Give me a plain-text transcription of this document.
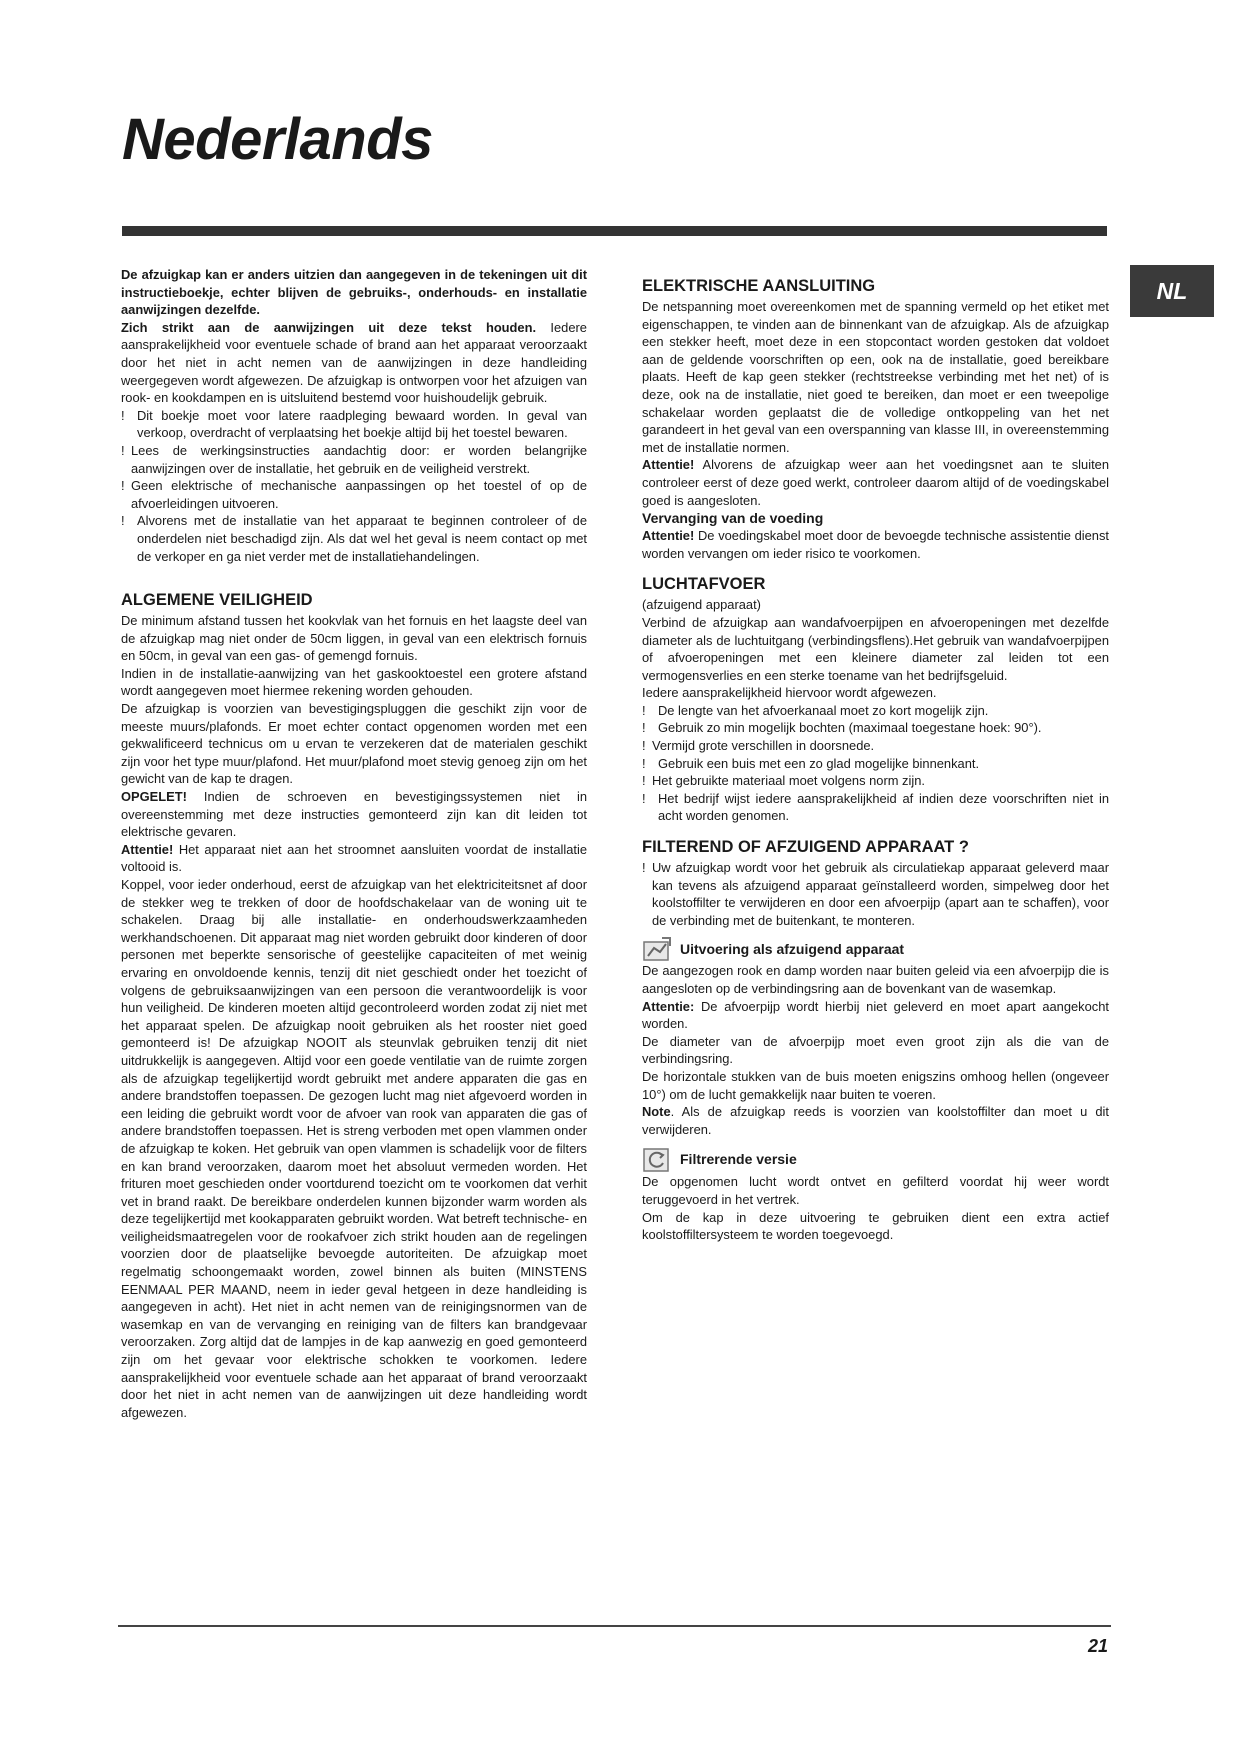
Nederlands
NL

De afzuigkap kan er anders uitzien dan aangegeven in de tekeningen uit dit instructieboekje, echter blijven de gebruiks-, onderhouds- en installatie aanwijzingen dezelfde.

Zich strikt aan de aanwijzingen uit deze tekst houden. Iedere aansprakelijkheid voor eventuele schade of brand aan het apparaat veroorzaakt door het niet in acht nemen van de aanwijzingen in deze handleiding weergegeven wordt afgewezen. De afzuigkap is ontworpen voor het afzuigen van rook- en kookdampen en is uitsluitend bestemd voor huishoudelijk gebruik.

! Dit boekje moet voor latere raadpleging bewaard worden. In geval van verkoop, overdracht of verplaatsing het boekje altijd bij het toestel bewaren.
! Lees de werkingsinstructies aandachtig door: er worden belangrijke aanwijzingen over de installatie, het gebruik en de veiligheid verstrekt.
! Geen elektrische of mechanische aanpassingen op het toestel of op de afvoerleidingen uitvoeren.
! Alvorens met de installatie van het apparaat te beginnen controleer of de onderdelen niet beschadigd zijn. Als dat wel het geval is neem contact op met de verkoper en ga niet verder met de installatiehandelingen.
ALGEMENE VEILIGHEID

De minimum afstand tussen het kookvlak van het fornuis en het laagste deel van de afzuigkap mag niet onder de 50cm liggen, in geval van een elektrisch fornuis en 50cm, in geval van een gas- of gemengd fornuis.

Indien in de installatie-aanwijzing van het gaskooktoestel een grotere afstand wordt aangegeven moet hiermee rekening worden gehouden.

De afzuigkap is voorzien van bevestigingspluggen die geschikt zijn voor de meeste muurs/plafonds. Er moet echter contact opgenomen worden met een gekwalificeerd technicus om u ervan te verzekeren dat de materialen geschikt zijn voor het type muur/plafond. Het muur/plafond moet stevig genoeg zijn om het gewicht van de kap te dragen.

OPGELET! Indien de schroeven en bevestigingssystemen niet in overeenstemming met deze instructies gemonteerd zijn kan dit leiden tot elektrische gevaren.

Attentie! Het apparaat niet aan het stroomnet aansluiten voordat de installatie voltooid is.

Koppel, voor ieder onderhoud, eerst de afzuigkap van het elektriciteitsnet af door de stekker weg te trekken of door de hoofdschakelaar van de woning uit te schakelen. Draag bij alle installatie- en onderhoudswerkzaamheden werkhandschoenen. Dit apparaat mag niet worden gebruikt door kinderen of door personen met beperkte sensorische of geestelijke capaciteiten of met weinig ervaring en onvoldoende kennis, tenzij dit niet geschiedt onder het toezicht of volgens de gebruiksaanwijzingen van een persoon die verantwoordelijk is voor hun veiligheid. De kinderen moeten altijd gecontroleerd worden zodat zij niet met het apparaat spelen. De afzuigkap nooit gebruiken als het rooster niet goed gemonteerd is! De afzuigkap NOOIT als steunvlak gebruiken tenzij dit niet uitdrukkelijk is aangegeven. Altijd voor een goede ventilatie van de ruimte zorgen als de afzuigkap tegelijkertijd wordt gebruikt met andere apparaten die gas en andere brandstoffen toepassen. De gezogen lucht mag niet afgevoerd worden in een leiding die gebruikt wordt voor de afvoer van rook van apparaten die gas of andere brandstoffen toepassen. Het is streng verboden met open vlammen onder de afzuigkap te koken. Het gebruik van open vlammen is schadelijk voor de filters en kan brand veroorzaken, daarom moet het absoluut vermeden worden. Het frituren moet geschieden onder voortdurend toezicht om te voorkomen dat verhit vet in brand raakt. De bereikbare onderdelen kunnen bijzonder warm worden als deze tegelijkertijd met kookapparaten gebruikt worden. Wat betreft technische- en veiligheidsmaatregelen voor de rookafvoer zich strikt houden aan de regelingen voorzien door de plaatselijke bevoegde autoriteiten. De afzuigkap moet regelmatig schoongemaakt worden, zowel binnen als buiten (MINSTENS EENMAAL PER MAAND, neem in ieder geval hetgeen in deze handleiding is aangegeven in acht). Het niet in acht nemen van de reinigingsnormen van de wasemkap en van de vervanging en reiniging van de filters kan brandgevaar veroorzaken. Zorg altijd dat de lampjes in de kap aanwezig en goed gemonteerd zijn om het gevaar voor elektrische schokken te voorkomen. Iedere aansprakelijkheid voor eventuele schade aan het apparaat of brand veroorzaakt door het niet in acht nemen van de aanwijzingen uit deze handleiding wordt afgewezen.

ELEKTRISCHE AANSLUITING

De netspanning moet overeenkomen met de spanning vermeld op het etiket met eigenschappen, te vinden aan de binnenkant van de afzuigkap. Als de afzuigkap een stekker heeft, moet deze in een stopcontact worden gestoken dat voldoet aan de geldende voorschriften op een, ook na de installatie, goed bereikbare plaats. Heeft de kap geen stekker (rechtstreekse verbinding met het net) of is deze, ook na de installatie, niet goed te bereiken, dan moet er een tweepolige schakelaar worden geplaatst die de volledige ontkoppeling van het net garandeert in het geval van een overspanning van klasse III, in overeenstemming met de installatie normen.

Attentie! Alvorens de afzuigkap weer aan het voedingsnet aan te sluiten controleer eerst of deze goed werkt, controleer daarom altijd of de voedingskabel goed is aangesloten.

Vervanging van de voeding

Attentie! De voedingskabel moet door de bevoegde technische assistentie dienst worden vervangen om ieder risico te voorkomen.

LUCHTAFVOER

(afzuigend apparaat)

Verbind de afzuigkap aan wandafvoerpijpen en afvoeropeningen met dezelfde diameter als de luchtuitgang (verbindingsflens).Het gebruik van wandafvoerpijpen of afvoeropeningen met een kleinere diameter zal leiden tot een vermogensverlies en een sterke toename van het bedrijfsgeluid.

Iedere aansprakelijkheid hiervoor wordt afgewezen.

! De lengte van het afvoerkanaal moet zo kort mogelijk zijn.
! Gebruik zo min mogelijk bochten (maximaal toegestane hoek: 90°).
! Vermijd grote verschillen in doorsnede.
! Gebruik een buis met een zo glad mogelijke binnenkant.
! Het gebruikte materiaal moet volgens norm zijn.
! Het bedrijf wijst iedere aansprakelijkheid af indien deze voorschriften niet in acht worden genomen.
FILTEREND OF AFZUIGEND APPARAAT ?
! Uw afzuigkap wordt voor het gebruik als circulatiekap apparaat geleverd maar kan tevens als afzuigend apparaat geïnstalleerd worden, simpelweg door het koolstoffilter te verwijderen en door een afvoerpijp (apart aan te schaffen), voor de verbinding met de buitenkant, te monteren.
Uitvoering als afzuigend apparaat

De aangezogen rook en damp worden naar buiten geleid via een afvoerpijp die is aangesloten op de verbindingsring aan de bovenkant van de wasemkap.

Attentie: De afvoerpijp wordt hierbij niet geleverd en moet apart aangekocht worden.

De diameter van de afvoerpijp moet even groot zijn als die van de verbindingsring.

De horizontale stukken van de buis moeten enigszins omhoog hellen (ongeveer 10°) om de lucht gemakkelijk naar buiten te voeren.

Note. Als de afzuigkap reeds is voorzien van koolstoffilter dan moet u dit verwijderen.

Filtrerende versie

De opgenomen lucht wordt ontvet en gefilterd voordat hij weer wordt teruggevoerd in het vertrek.

Om de kap in deze uitvoering te gebruiken dient een extra actief koolstoffiltersysteem te worden toegevoegd.

21
